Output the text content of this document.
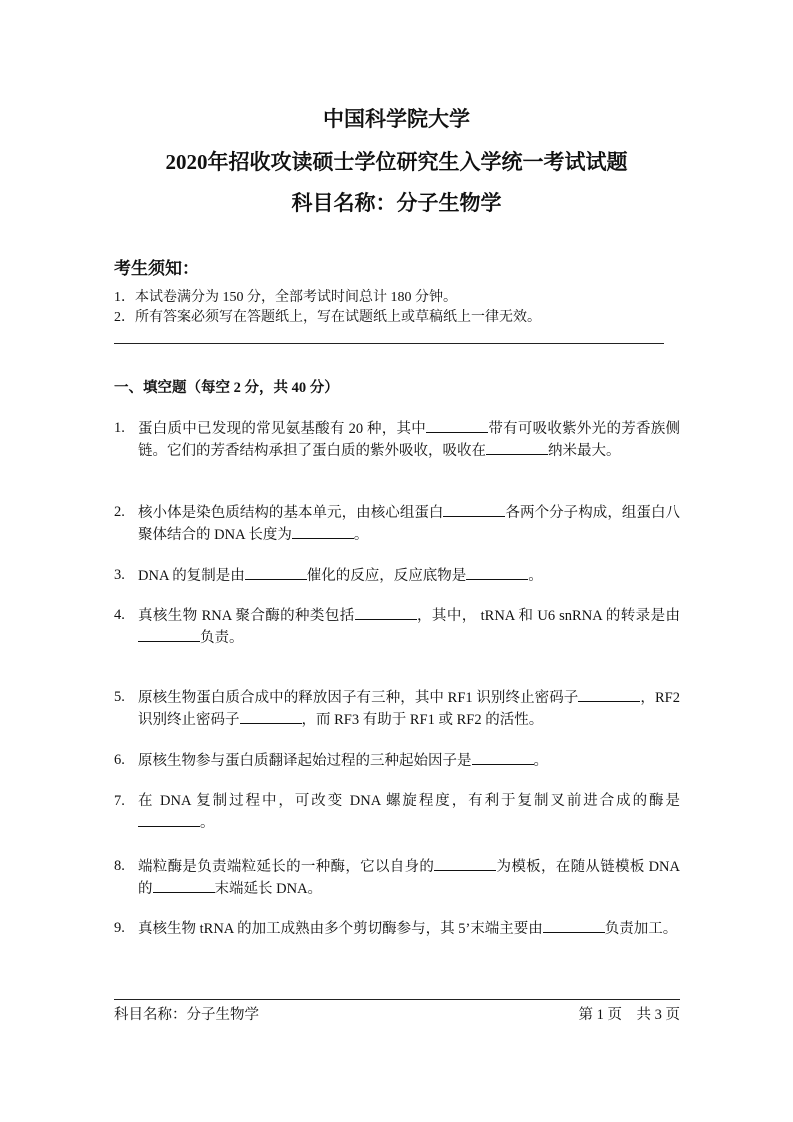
中国科学院大学
2020年招收攻读硕士学位研究生入学统一考试试题
科目名称：分子生物学
考生须知：
1．本试卷满分为 150 分，全部考试时间总计 180 分钟。
2．所有答案必须写在答题纸上，写在试题纸上或草稿纸上一律无效。
一、填空题（每空 2 分，共 40 分）
1. 蛋白质中已发现的常见氨基酸有 20 种，其中	带有可吸收紫外光的芳香族侧链。它们的芳香结构承担了蛋白质的紫外吸收，吸收在	纳米最大。
2. 核小体是染色质结构的基本单元，由核心组蛋白	各两个分子构成，组蛋白八聚体结合的 DNA 长度为	。
3. DNA 的复制是由	催化的反应，反应底物是	。
4. 真核生物 RNA 聚合酶的种类包括	，其中， tRNA 和 U6 snRNA 的转录是由负责。
5. 原核生物蛋白质合成中的释放因子有三种，其中 RF1 识别终止密码子	，RF2 识别终止密码子	，而 RF3 有助于 RF1 或 RF2 的活性。
6. 原核生物参与蛋白质翻译起始过程的三种起始因子是	。
7. 在 DNA 复制过程中，可改变 DNA 螺旋程度，有利于复制叉前进合成的酶是。
8. 端粒酶是负责端粒延长的一种酶，它以自身的	为模板，在随从链模板 DNA 的	末端延长 DNA。
9. 真核生物 tRNA 的加工成熟由多个剪切酶参与，其 5’末端主要由	负责加工。
科目名称：分子生物学	第 1 页　共 3 页
